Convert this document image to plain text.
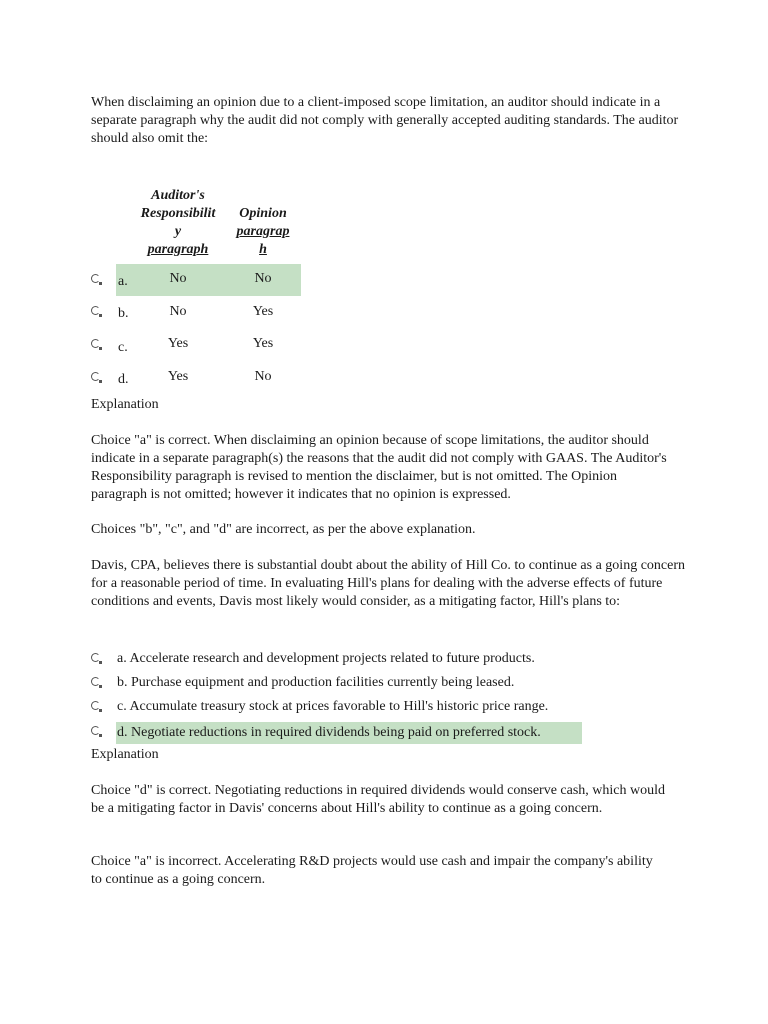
When disclaiming an opinion due to a client-imposed scope limitation, an auditor should indicate in a separate paragraph why the audit did not comply with generally accepted auditing standards. The auditor should also omit the:

Auditor's
Responsibilit
y
paragraph
Opinion
paragrap
h
a.	No	No
b.	No	Yes
c.	Yes	Yes
d.	Yes	No

Explanation

Choice "a" is correct. When disclaiming an opinion because of scope limitations, the auditor should indicate in a separate paragraph(s) the reasons that the audit did not comply with GAAS. The Auditor's Responsibility paragraph is revised to mention the disclaimer, but is not omitted. The Opinion paragraph is not omitted; however it indicates that no opinion is expressed.

Choices "b", "c", and "d" are incorrect, as per the above explanation.

Davis, CPA, believes there is substantial doubt about the ability of Hill Co. to continue as a going concern for a reasonable period of time. In evaluating Hill's plans for dealing with the adverse effects of future conditions and events, Davis most likely would consider, as a mitigating factor, Hill's plans to:

a. Accelerate research and development projects related to future products.
b. Purchase equipment and production facilities currently being leased.
c. Accumulate treasury stock at prices favorable to Hill's historic price range.
d. Negotiate reductions in required dividends being paid on preferred stock.

Explanation

Choice "d" is correct. Negotiating reductions in required dividends would conserve cash, which would be a mitigating factor in Davis' concerns about Hill's ability to continue as a going concern.

Choice "a" is incorrect. Accelerating R&D projects would use cash and impair the company's ability to continue as a going concern.
